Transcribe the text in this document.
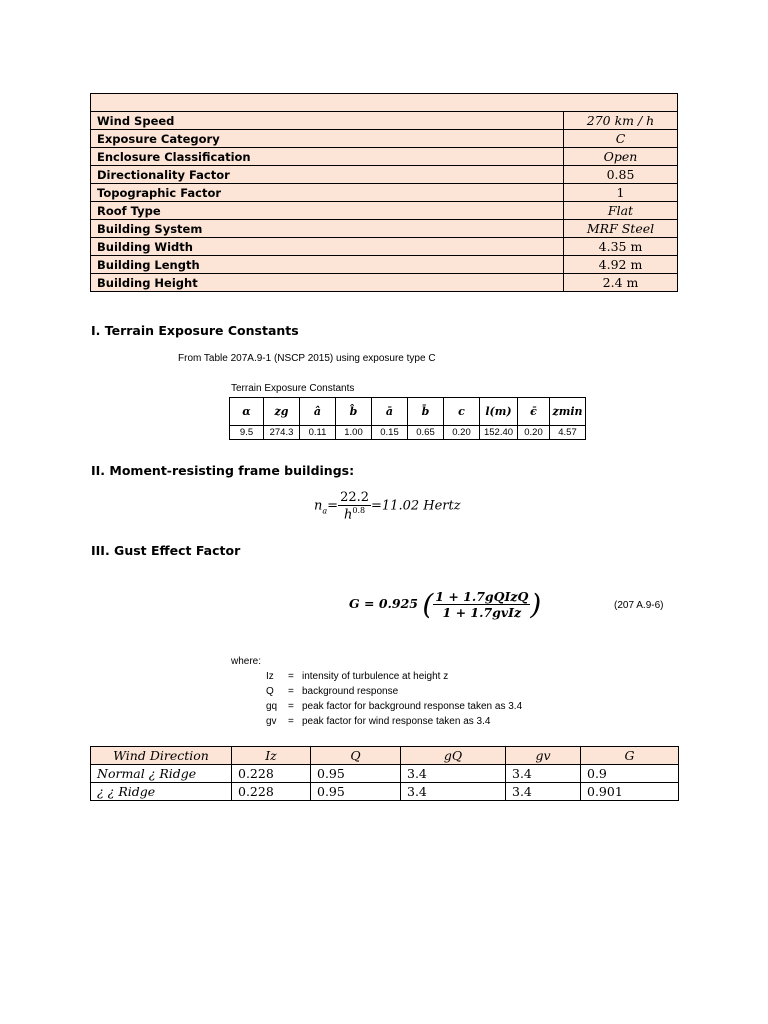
Wind Speed	270 km / h
Exposure Category	C
Enclosure Classification	Open
Directionality Factor	0.85
Topographic Factor	1
Roof Type	Flat
Building System	MRF Steel
Building Width	4.35 m
Building Length	4.92 m
Building Height	2.4 m
I. Terrain Exposure Constants
From Table 207A.9-1 (NSCP 2015) using exposure type C
Terrain Exposure Constants
α	zg	â	b̂	ā	b̄	c	l(m)	ϵ̄	zmin
9.5	274.3	0.11	1.00	0.15	0.65	0.20	152.40	0.20	4.57
II. Moment-resisting frame buildings:
$n_a= \frac{22.2}{h^{0.8}} =11.02$ Hertz
III. Gust Effect Factor
G = 0.925 ( $\frac{\text{1 + 1.7gQIzQ}}{\text{1 + 1.7gvIz}}$ )	(207 A.9-6)
where:
Iz = intensity of turbulence at height z
Q = background response
gq = peak factor for background response taken as 3.4
gv = peak factor for wind response taken as 3.4
Wind Direction	Iz	Q	gQ	gv	G
Normal ¿ Ridge	0.228	0.95	3.4	3.4	0.9
¿ ¿ Ridge	0.228	0.95	3.4	3.4	0.901
